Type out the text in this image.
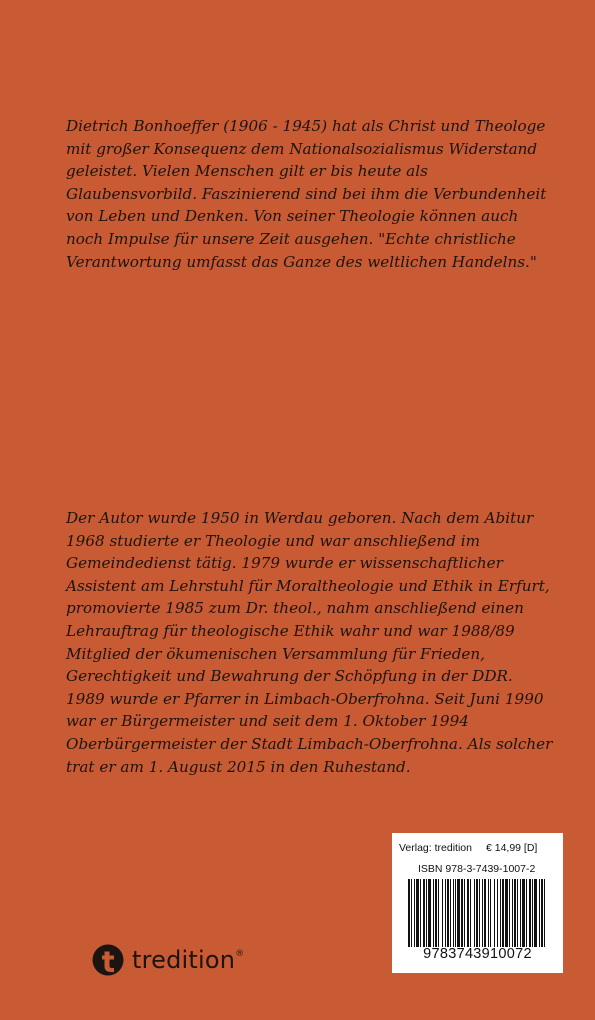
Dietrich Bonhoeffer (1906 - 1945) hat als Christ und Theologe mit großer Konsequenz dem Nationalsozialismus Widerstand geleistet. Vielen Menschen gilt er bis heute als Glaubensvorbild. Faszinierend sind bei ihm die Verbundenheit von Leben und Denken. Von seiner Theologie können auch noch Impulse für unsere Zeit ausgehen. "Echte christliche Verantwortung umfasst das Ganze des weltlichen Handelns."

Der Autor wurde 1950 in Werdau geboren. Nach dem Abitur 1968 studierte er Theologie und war anschließend im Gemeindedienst tätig. 1979 wurde er wissenschaftlicher Assistent am Lehrstuhl für Moraltheologie und Ethik in Erfurt, promovierte 1985 zum Dr. theol., nahm anschließend einen Lehrauftrag für theologische Ethik wahr und war 1988/89 Mitglied der ökumenischen Versammlung für Frieden, Gerechtigkeit und Bewahrung der Schöpfung in der DDR. 1989 wurde er Pfarrer in Limbach-Oberfrohna. Seit Juni 1990 war er Bürgermeister und seit dem 1. Oktober 1994 Oberbürgermeister der Stadt Limbach-Oberfrohna. Als solcher trat er am 1. August 2015 in den Ruhestand.

Verlag: tredition € 14,99 [D]
ISBN 978-3-7439-1007-2
9783743910072
tredition®
